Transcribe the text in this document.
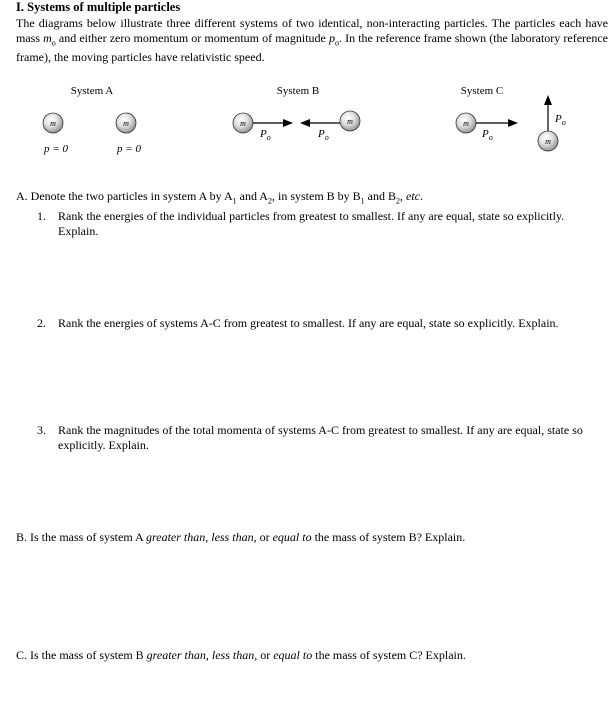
I. Systems of multiple particles
The diagrams below illustrate three different systems of two identical, non-interacting particles. The particles each have mass $m_o$ and either zero momentum or momentum of magnitude $p_o$. In the reference frame shown (the laboratory reference frame), the moving particles have relativistic speed.
System A
m	m
p = 0	p = 0
System B
m
$P_o$	$P_o$
m
System C
m
$P_o$
$P_o$
m
A. Denote the two particles in system A by $A_1$ and $A_2$, in system B by $B_1$ and $B_2$, etc.
1. Rank the energies of the individual particles from greatest to smallest. If any are equal, state so explicitly. Explain.
2. Rank the energies of systems A-C from greatest to smallest. If any are equal, state so explicitly. Explain.
3. Rank the magnitudes of the total momenta of systems A-C from greatest to smallest. If any are equal, state so explicitly. Explain.
B. Is the mass of system A greater than, less than, or equal to the mass of system B? Explain.
C. Is the mass of system B greater than, less than, or equal to the mass of system C? Explain.
